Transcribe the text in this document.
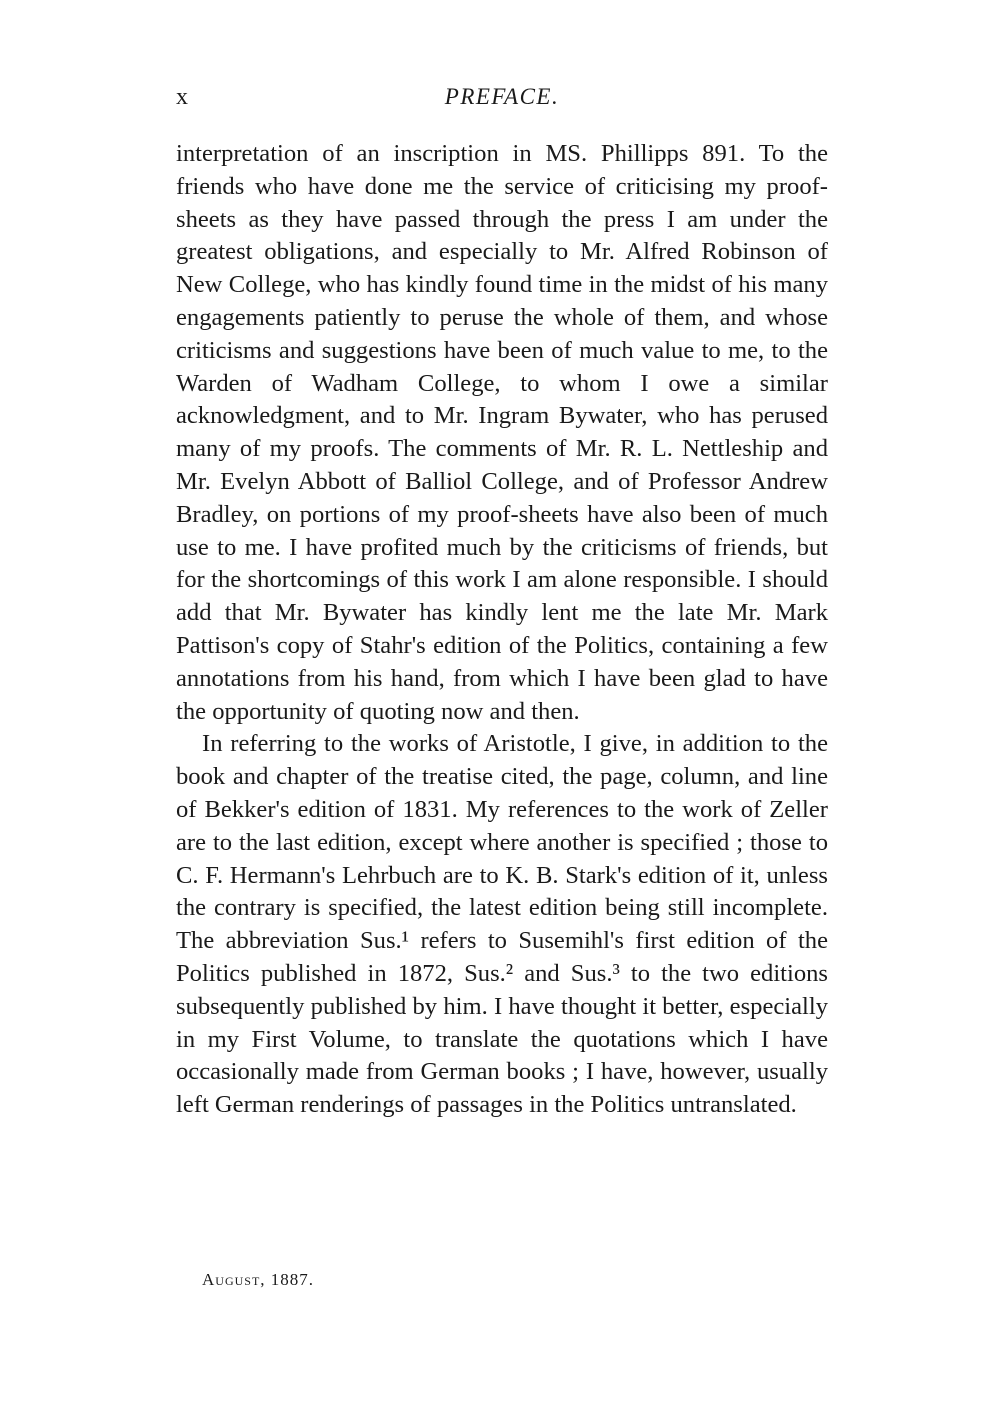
x	PREFACE.

interpretation of an inscription in MS. Phillipps 891. To the friends who have done me the service of criticising my proof-sheets as they have passed through the press I am under the greatest obligations, and especially to Mr. Alfred Robinson of New College, who has kindly found time in the midst of his many engagements patiently to peruse the whole of them, and whose criticisms and suggestions have been of much value to me, to the Warden of Wadham College, to whom I owe a similar acknowledgment, and to Mr. Ingram Bywater, who has perused many of my proofs. The comments of Mr. R. L. Nettleship and Mr. Evelyn Abbott of Balliol College, and of Professor Andrew Bradley, on portions of my proof-sheets have also been of much use to me. I have profited much by the criticisms of friends, but for the shortcomings of this work I am alone responsible. I should add that Mr. Bywater has kindly lent me the late Mr. Mark Pattison's copy of Stahr's edition of the Politics, containing a few annotations from his hand, from which I have been glad to have the opportunity of quoting now and then.

In referring to the works of Aristotle, I give, in addition to the book and chapter of the treatise cited, the page, column, and line of Bekker's edition of 1831. My references to the work of Zeller are to the last edition, except where another is specified ; those to C. F. Hermann's Lehrbuch are to K. B. Stark's edition of it, unless the contrary is specified, the latest edition being still incomplete. The abbreviation Sus.¹ refers to Susemihl's first edition of the Politics published in 1872, Sus.² and Sus.³ to the two editions subsequently published by him. I have thought it better, especially in my First Volume, to translate the quotations which I have occasionally made from German books ; I have, however, usually left German renderings of passages in the Politics untranslated.

August, 1887.
